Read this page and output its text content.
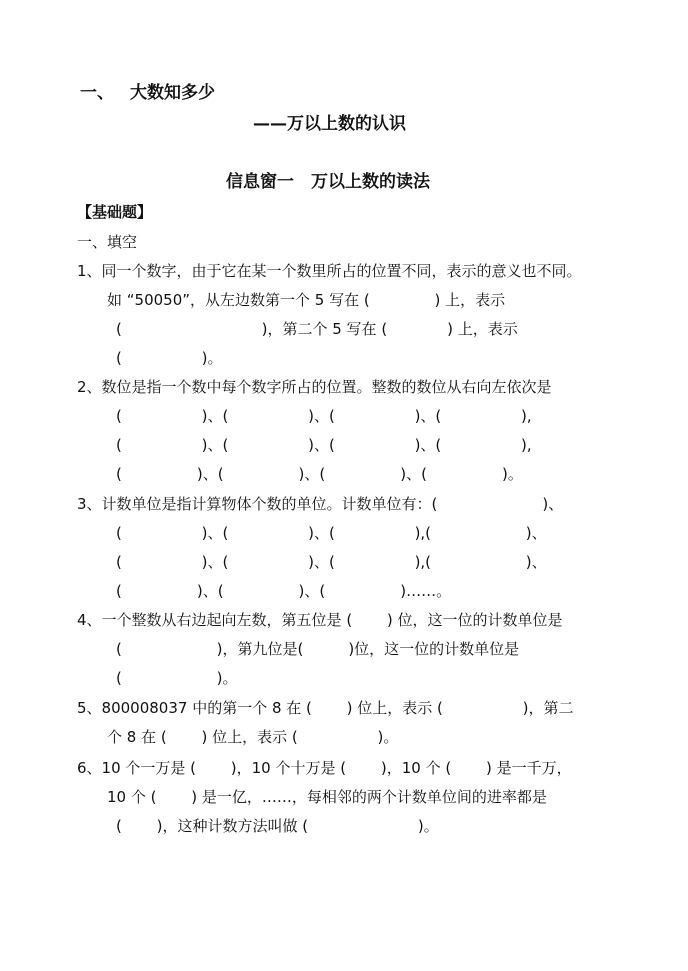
一、 大数知多少
——万以上数的认识
信息窗一　万以上数的读法
【基础题】
一、填空
1、同一个数字，由于它在某一个数里所占的位置不同，表示的意义也不同。
如 “50050”，从左边数第一个 5 写在 (　　　　 ) 上，表示
(　　　　　　　　　 )，第二个 5 写在 (　　　　) 上，表示
(　　　　　 )。
2、数位是指一个数中每个数字所占的位置。整数的数位从右向左依次是
(　　　　　 )、(　　　　　 )、(　　　　　 )、(　　　　　 ),
(　　　　　 )、(　　　　　 )、(　　　　　 )、(　　　　　 ),
(　　　　　)、(　　　　　)、(　　　　　)、(　　　　　)。
3、计数单位是指计算物体个数的单位。计数单位有：(　　　　　　　)、
(　　　　　 )、(　　　　　 )、(　　　　　 ),(　　　　　　 )、
(　　　　　 )、(　　　　　 )、(　　　　　 ),(　　　　　　 )、
(　　　　　)、(　　　　　)、(　　　　　)……。
4、一个整数从右边起向左数，第五位是 (　　 ) 位，这一位的计数单位是
(　　　　　　 )，第九位是(　　　)位，这一位的计数单位是
(　　　　　　 )。
5、800008037 中的第一个 8 在 (　　 ) 位上，表示 (　　　　　 )，第二
个 8 在 (　　 ) 位上，表示 (　　　　　 )。
6、10 个一万是 (　　 )，10 个十万是 (　　 )，10 个 (　　 ) 是一千万，
10 个 (　　 ) 是一亿，……，每相邻的两个计数单位间的进率都是
(　　 )，这种计数方法叫做 (　　　　　　　 )。
